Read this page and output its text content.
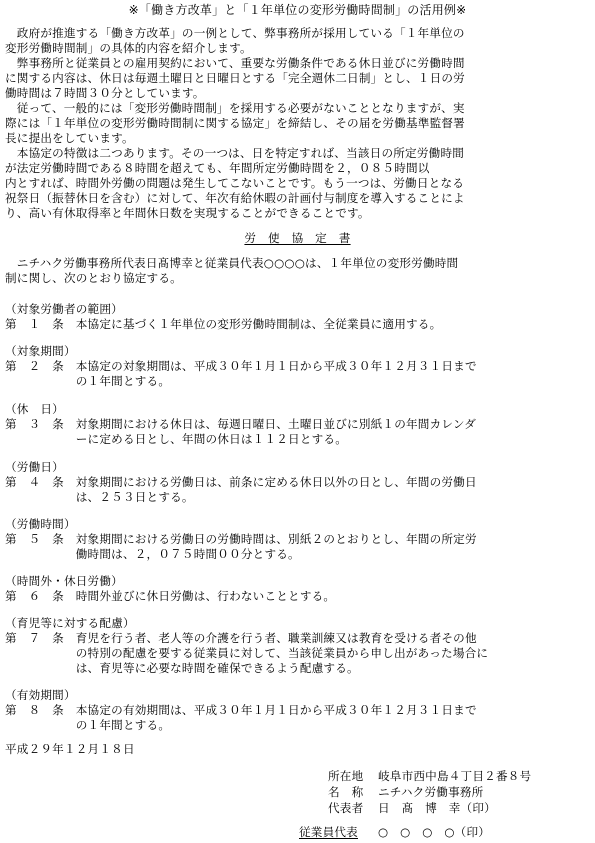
※「働き方改革」と「１年単位の変形労働時間制」の活用例※
　政府が推進する「働き方改革」の一例として、弊事務所が採用している「１年単位の
変形労働時間制」の具体的内容を紹介します。
　弊事務所と従業員との雇用契約において、重要な労働条件である休日並びに労働時間
に関する内容は、休日は毎週土曜日と日曜日とする「完全週休二日制」とし、１日の労
働時間は７時間３０分としています。
　従って、一般的には「変形労働時間制」を採用する必要がないこととなりますが、実
際には「１年単位の変形労働時間制に関する協定」を締結し、その届を労働基準監督署
長に提出をしています。
　本協定の特徴は二つあります。その一つは、日を特定すれば、当該日の所定労働時間
が法定労働時間である８時間を超えても、年間所定労働時間を２，０８５時間以
内とすれば、時間外労働の問題は発生してこないことです。もう一つは、労働日となる
祝祭日（振替休日を含む）に対して、年次有給休暇の計画付与制度を導入することによ
り、高い有休取得率と年間休日数を実現することができることです。
労　使　協　定　書
　ニチハク労働事務所代表日髙博幸と従業員代表○○○○は、１年単位の変形労働時間
制に関し、次のとおり協定する。
（対象労働者の範囲）
第　１　条　本協定に基づく１年単位の変形労働時間制は、全従業員に適用する。
（対象期間）
第　２　条　本協定の対象期間は、平成３０年１月１日から平成３０年１２月３１日まで
　　　　　　の１年間とする。
（休　日）
第　３　条　対象期間における休日は、毎週日曜日、土曜日並びに別紙１の年間カレンダ
　　　　　　ーに定める日とし、年間の休日は１１２日とする。
（労働日）
第　４　条　対象期間における労働日は、前条に定める休日以外の日とし、年間の労働日
　　　　　　は、２５３日とする。
（労働時間）
第　５　条　対象期間における労働日の労働時間は、別紙２のとおりとし、年間の所定労
　　　　　　働時間は、２，０７５時間００分とする。
（時間外・休日労働）
第　６　条　時間外並びに休日労働は、行わないこととする。
（育児等に対する配慮）
第　７　条　育児を行う者、老人等の介護を行う者、職業訓練又は教育を受ける者その他
　　　　　　の特別の配慮を要する従業員に対して、当該従業員から申し出があった場合に
　　　　　　は、育児等に必要な時間を確保できるよう配慮する。
（有効期間）
第　８　条　本協定の有効期間は、平成３０年１月１日から平成３０年１２月３１日まで
　　　　　　の１年間とする。
平成２９年１２月１８日
所在地 岐阜市西中島４丁目２番８号
名　称 ニチハク労働事務所
代表者 日　髙　博　幸（印）
従業員代表 ○　○　○　○（印）
